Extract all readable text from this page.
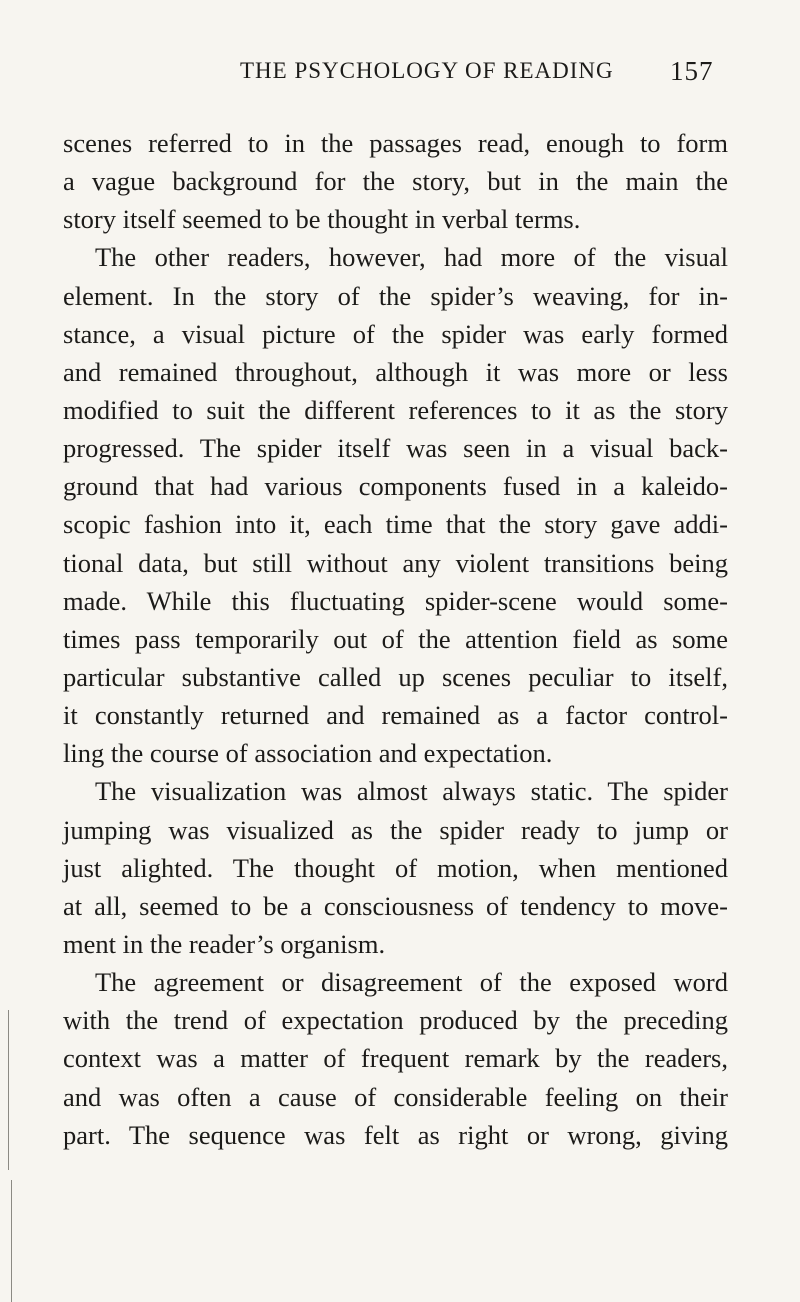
THE PSYCHOLOGY OF READING 157
scenes referred to in the passages read, enough to form
a vague background for the story, but in the main the
story itself seemed to be thought in verbal terms.
The other readers, however, had more of the visual
element. In the story of the spider’s weaving, for in-
stance, a visual picture of the spider was early formed
and remained throughout, although it was more or less
modified to suit the different references to it as the story
progressed. The spider itself was seen in a visual back-
ground that had various components fused in a kaleido-
scopic fashion into it, each time that the story gave addi-
tional data, but still without any violent transitions being
made. While this fluctuating spider-scene would some-
times pass temporarily out of the attention field as some
particular substantive called up scenes peculiar to itself,
it constantly returned and remained as a factor control-
ling the course of association and expectation.
The visualization was almost always static. The spider
jumping was visualized as the spider ready to jump or
just alighted. The thought of motion, when mentioned
at all, seemed to be a consciousness of tendency to move-
ment in the reader’s organism.
The agreement or disagreement of the exposed word
with the trend of expectation produced by the preceding
context was a matter of frequent remark by the readers,
and was often a cause of considerable feeling on their
part. The sequence was felt as right or wrong, giving
